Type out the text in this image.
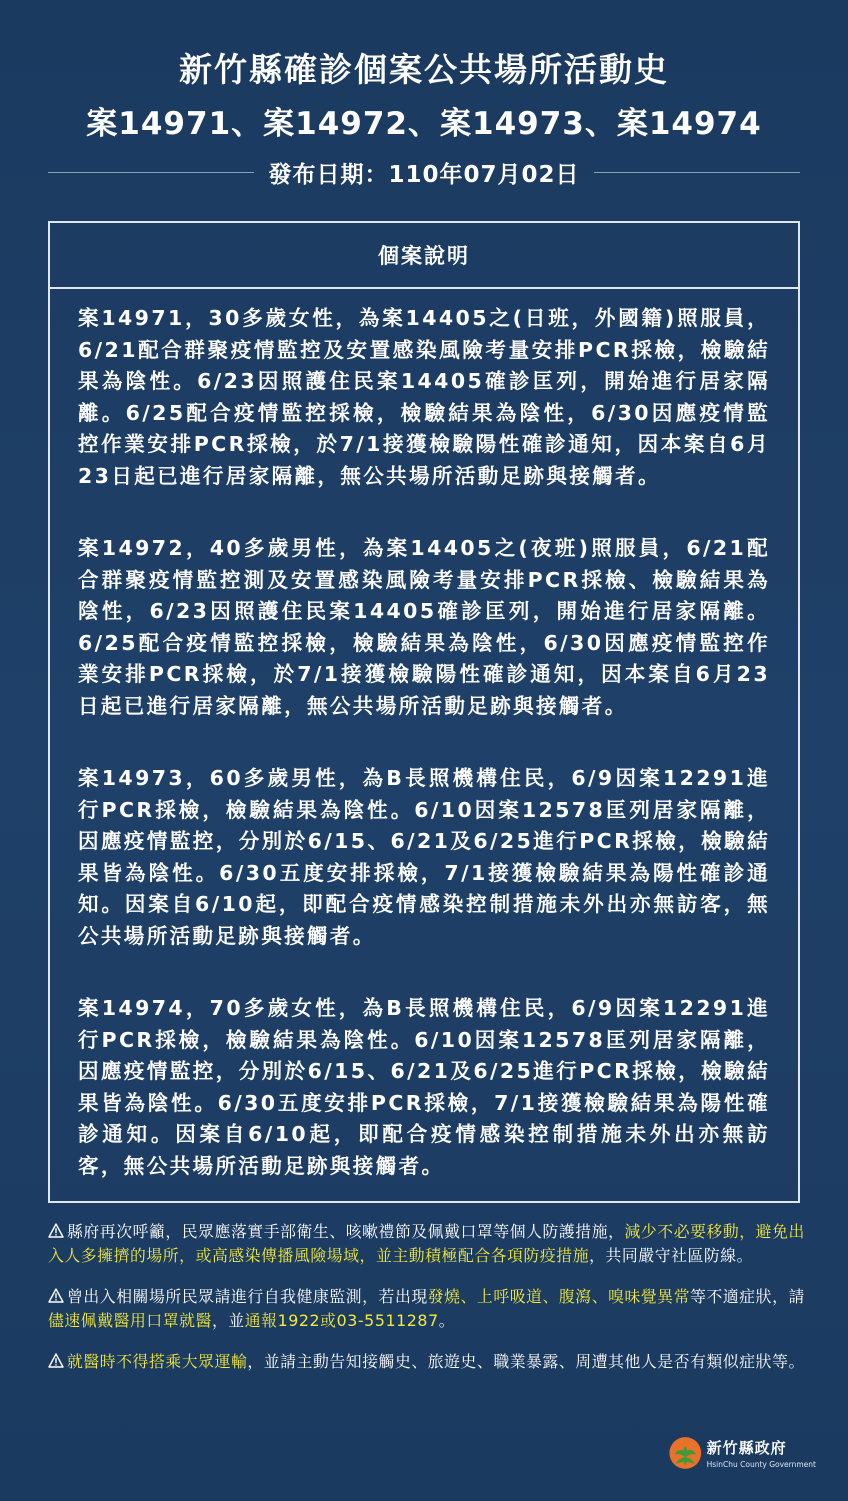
新竹縣確診個案公共場所活動史
案14971、案14972、案14973、案14974
發布日期：110年07月02日
個案說明

案14971，30多歲女性，為案14405之(日班，外國籍)照服員，6/21配合群聚疫情監控及安置感染風險考量安排PCR採檢，檢驗結果為陰性。6/23因照護住民案14405確診匡列，開始進行居家隔離。6/25配合疫情監控採檢，檢驗結果為陰性，6/30因應疫情監控作業安排PCR採檢，於7/1接獲檢驗陽性確診通知，因本案自6月23日起已進行居家隔離，無公共場所活動足跡與接觸者。

案14972，40多歲男性，為案14405之(夜班)照服員，6/21配合群聚疫情監控測及安置感染風險考量安排PCR採檢、檢驗結果為陰性，6/23因照護住民案14405確診匡列，開始進行居家隔離。6/25配合疫情監控採檢，檢驗結果為陰性，6/30因應疫情監控作業安排PCR採檢，於7/1接獲檢驗陽性確診通知，因本案自6月23日起已進行居家隔離，無公共場所活動足跡與接觸者。

案14973，60多歲男性，為B長照機構住民，6/9因案12291進行PCR採檢，檢驗結果為陰性。6/10因案12578匡列居家隔離，因應疫情監控，分別於6/15、6/21及6/25進行PCR採檢，檢驗結果皆為陰性。6/30五度安排採檢，7/1接獲檢驗結果為陽性確診通知。因案自6/10起，即配合疫情感染控制措施未外出亦無訪客，無公共場所活動足跡與接觸者。

案14974，70多歲女性，為B長照機構住民，6/9因案12291進行PCR採檢，檢驗結果為陰性。6/10因案12578匡列居家隔離，因應疫情監控，分別於6/15、6/21及6/25進行PCR採檢，檢驗結果皆為陰性。6/30五度安排PCR採檢，7/1接獲檢驗結果為陽性確診通知。因案自6/10起，即配合疫情感染控制措施未外出亦無訪客，無公共場所活動足跡與接觸者。

縣府再次呼籲，民眾應落實手部衛生、咳嗽禮節及佩戴口罩等個人防護措施，減少不必要移動，避免出入人多擁擠的場所，或高感染傳播風險場域，並主動積極配合各項防疫措施，共同嚴守社區防線。

曾出入相關場所民眾請進行自我健康監測，若出現發燒、上呼吸道、腹瀉、嗅味覺異常等不適症狀，請儘速佩戴醫用口罩就醫，並通報1922或03-5511287。

就醫時不得搭乘大眾運輸，並請主動告知接觸史、旅遊史、職業暴露、周遭其他人是否有類似症狀等。

新竹縣政府
HsinChu County Government
